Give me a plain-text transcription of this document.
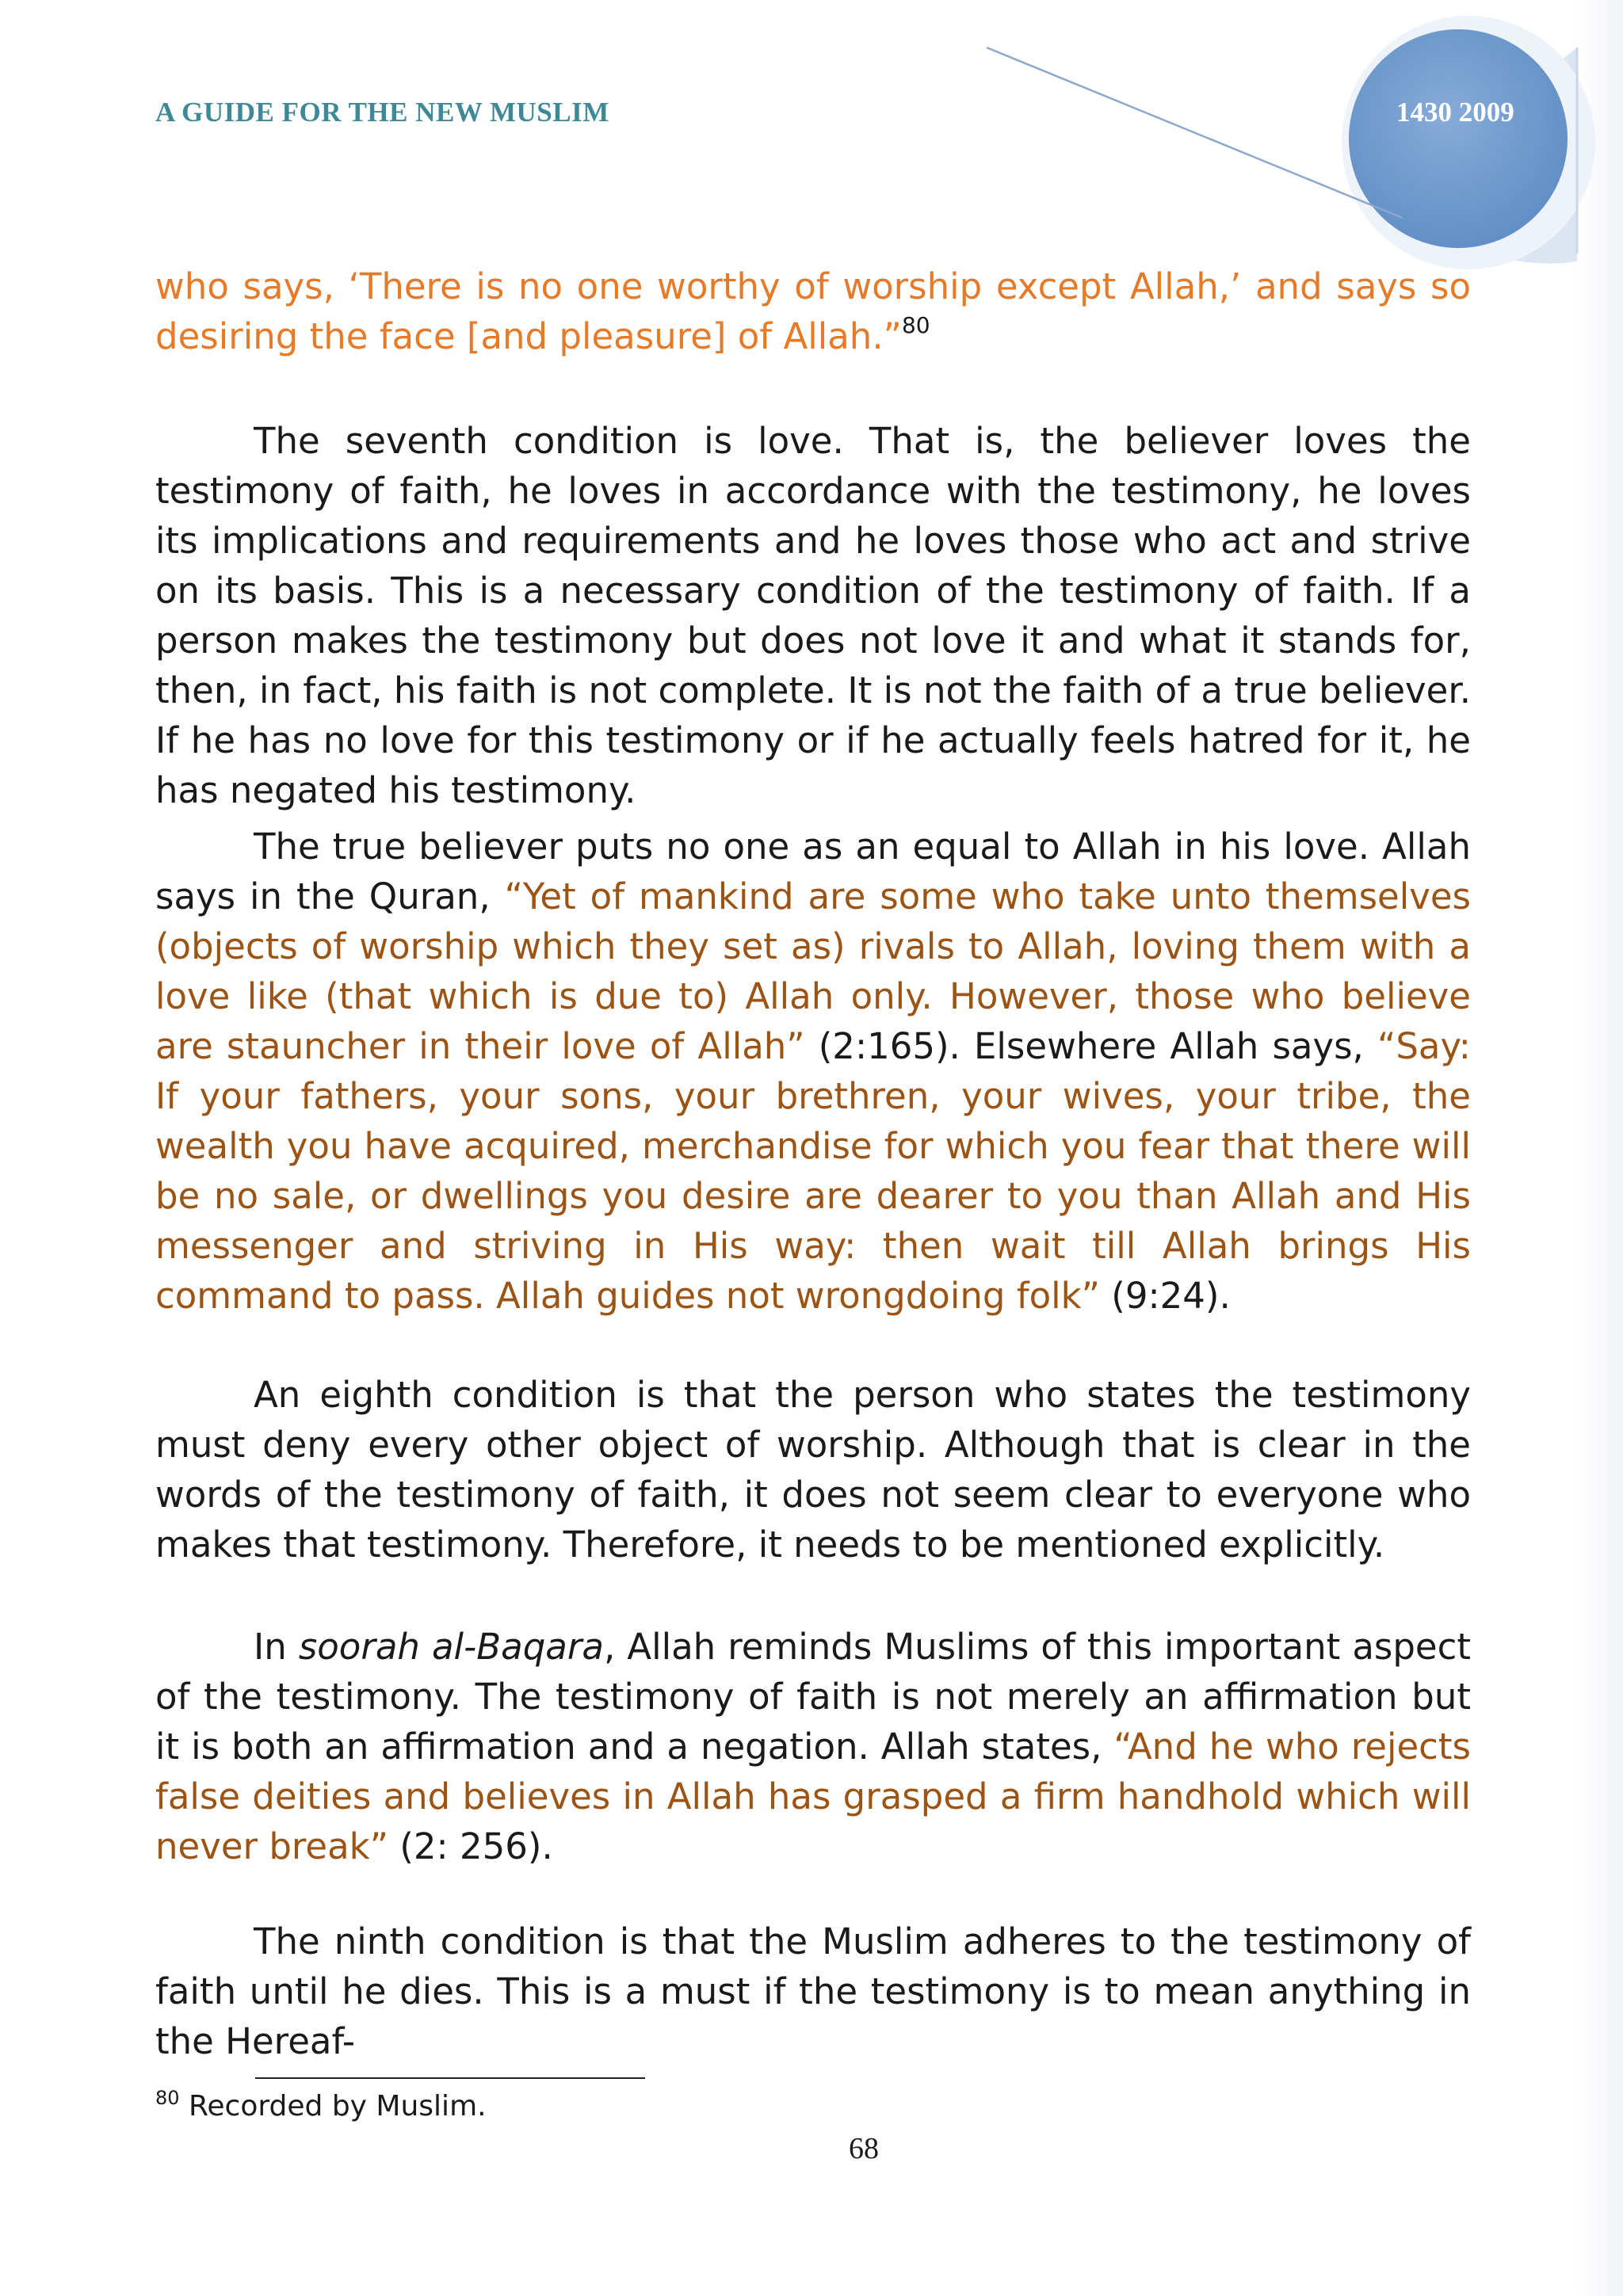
A GUIDE FOR THE NEW MUSLIM	1430 2009

who says, ‘There is no one worthy of worship except Allah,’ and says so desiring the face [and pleasure] of Allah.”$^{80}$

The seventh condition is love. That is, the believer loves the testimony of faith, he loves in accordance with the testimony, he loves its implications and requirements and he loves those who act and strive on its basis. This is a necessary condition of the testimony of faith. If a person makes the testimony but does not love it and what it stands for, then, in fact, his faith is not complete. It is not the faith of a true believer. If he has no love for this testimony or if he actually feels hatred for it, he has negated his testimony.

The true believer puts no one as an equal to Allah in his love. Allah says in the Quran, “Yet of mankind are some who take unto themselves (objects of worship which they set as) rivals to Allah, loving them with a love like (that which is due to) Allah only. However, those who believe are stauncher in their love of Allah” (2:165). Elsewhere Allah says, “Say: If your fathers, your sons, your brethren, your wives, your tribe, the wealth you have acquired, merchandise for which you fear that there will be no sale, or dwellings you desire are dearer to you than Allah and His messenger and striving in His way: then wait till Allah brings His command to pass. Allah guides not wrongdoing folk” (9:24).

An eighth condition is that the person who states the testimony must deny every other object of worship. Although that is clear in the words of the testimony of faith, it does not seem clear to everyone who makes that testimony. Therefore, it needs to be mentioned explicitly.

In soorah al-Baqara, Allah reminds Muslims of this important aspect of the testimony. The testimony of faith is not merely an affirmation but it is both an affirmation and a negation. Allah states, “And he who rejects false deities and believes in Allah has grasped a firm handhold which will never break” (2: 256).

The ninth condition is that the Muslim adheres to the testimony of faith until he dies. This is a must if the testimony is to mean anything in the Hereaf-

$^{80}$ Recorded by Muslim.
68
